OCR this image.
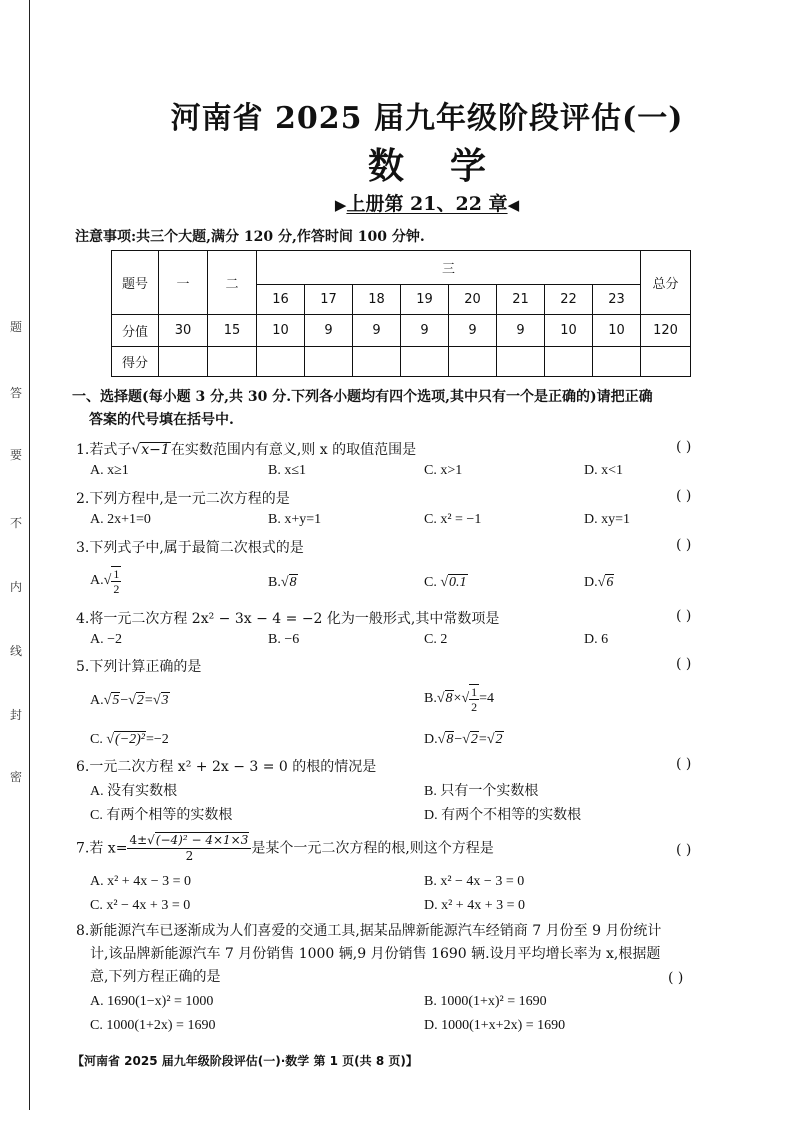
题
答
要
不
内
线
封
密
河南省 2025 届九年级阶段评估(一)
数学
▶上册第 21、22 章◀
注意事项:共三个大题,满分 120 分,作答时间 100 分钟.
题号	一	二	三								总分
			16	17	18	19	20	21	22	23	
分值	30	15	10	9	9	9	9	9	10	10	120
得分											
一、选择题(每小题 3 分,共 30 分.下列各小题均有四个选项,其中只有一个是正确的)请把正确
答案的代号填在括号中.
1.若式子√x−1在实数范围内有意义,则 x 的取值范围是	( )
A. x≥1	B. x≤1	C. x>1	D. x<1
2.下列方程中,是一元二次方程的是	( )
A. 2x+1=0	B. x+y=1	C. x² = −1	D. xy=1
3.下列式子中,属于最简二次根式的是	( )
$A.√ \frac{1}{2}$	B.√8	C. √0.1	D.√6
4.将一元二次方程 2x² − 3x − 4 = −2 化为一般形式,其中常数项是	( )
A. −2	B. −6	C. 2	D. 6
5.下列计算正确的是	( )
A.√5−√2=√3	$B.√8\times√ \frac{1}{2} =4$
C. √(−2)²=−2	D.√8−√2=√2
6.一元二次方程 x² + 2x − 3 = 0 的根的情况是	( )
A. 没有实数根	B. 只有一个实数根
C. 有两个相等的实数根	D. 有两个不相等的实数根
7.若 $x= \frac{\text{4±√(−4)² − 4×1×3}}{2}$ 是某个一元二次方程的根,则这个方程是	( )
A. x² + 4x − 3 = 0	B. x² − 4x − 3 = 0
C. x² − 4x + 3 = 0	D. x² + 4x + 3 = 0
8.新能源汽车已逐渐成为人们喜爱的交通工具,据某品牌新能源汽车经销商 7 月份至 9 月份统计
计,该品牌新能源汽车 7 月份销售 1000 辆,9 月份销售 1690 辆.设月平均增长率为 x,根据题
意,下列方程正确的是	( )
A. 1690(1−x)² = 1000	B. 1000(1+x)² = 1690
C. 1000(1+2x) = 1690	D. 1000(1+x+2x) = 1690
【河南省 2025 届九年级阶段评估(一)·数学 第 1 页(共 8 页)】
